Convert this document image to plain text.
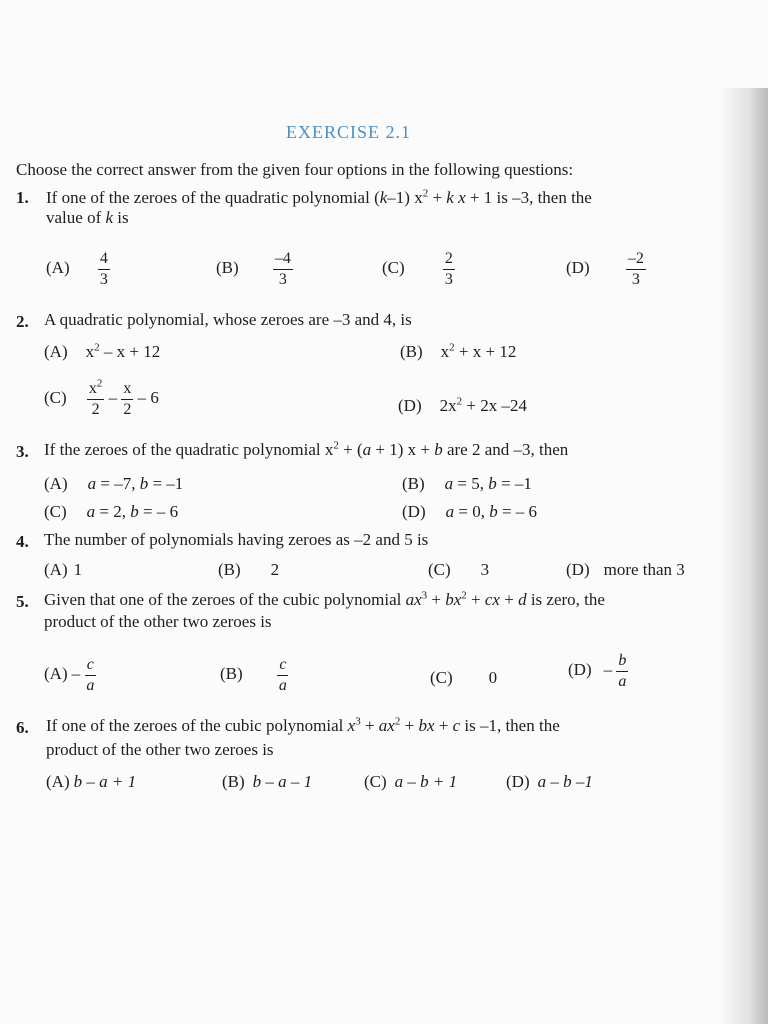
EXERCISE 2.1
Choose the correct answer from the given four options in the following questions:
1. If one of the zeroes of the quadratic polynomial (k–1) $x^2 + k$ x + 1 is –3, then the
value of k is
$(A) \frac{4}{3}$	$(B) \frac{-4}{3}$	$(C) \frac{2}{3}$	$(D) \frac{-2}{3}$
2. A quadratic polynomial, whose zeroes are –3 and 4, is
(A) $x^2 - x + 12$	(B) $x^2 + x + 12$
$(C) \frac{x^2}{2} - \frac{x}{2} - 6$	(D) $2x^2 + 2x$ –24
3. If the zeroes of the quadratic polynomial $x^2 + (a + 1) x + b$ are 2 and –3, then
(A) a = –7, b = –1	(B) a = 5, b = –1
(C) a = 2, b = – 6	(D) a = 0, b = – 6
4. The number of polynomials having zeroes as –2 and 5 is
(A) 1	(B) 2	(C) 3	(D) more than 3
5. Given that one of the zeroes of the cubic polynomial $ax^3 + bx^2$ + cx + d is zero, the
product of the other two zeroes is
$(A) - \frac{c}{a}$	$(B) \frac{c}{a}$	(C) 0	$(D) - \frac{b}{a}$
6. If one of the zeroes of the cubic polynomial $x^3 + ax^2$ + bx + c is –1, then the
product of the other two zeroes is
(A) b – a + 1	(B) b – a – 1	(C) a – b + 1	(D) a – b –1
